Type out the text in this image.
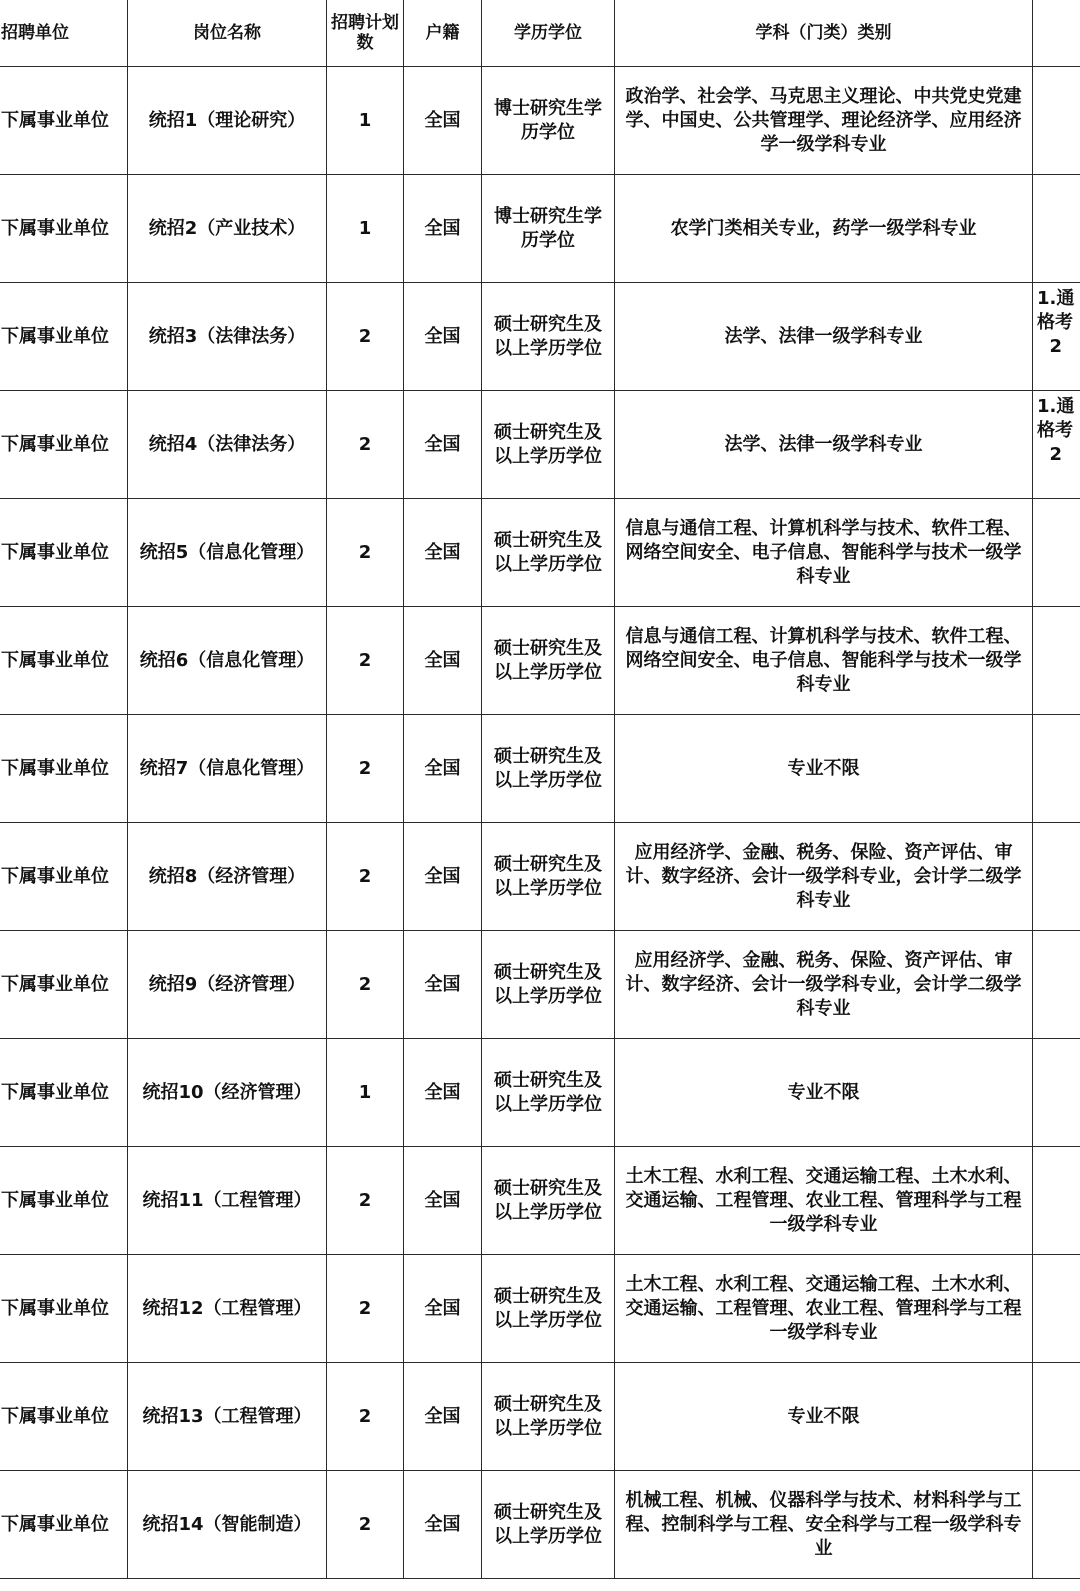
招聘单位	岗位名称	招聘计划数	户籍	学历学位	学科（门类）类别	
下属事业单位	统招1（理论研究）	1	全国	博士研究生学历学位	政治学、社会学、马克思主义理论、中共党史党建学、中国史、公共管理学、理论经济学、应用经济学一级学科专业	

下属事业单位	统招2（产业技术）	1	全国	博士研究生学历学位	农学门类相关专业，药学一级学科专业	

下属事业单位	统招3（法律法务）	2	全国	硕士研究生及以上学历学位	法学、法律一级学科专业	1.通
格考
2

下属事业单位	统招4（法律法务）	2	全国	硕士研究生及以上学历学位	法学、法律一级学科专业	1.通
格考
2

下属事业单位	统招5（信息化管理）	2	全国	硕士研究生及以上学历学位	信息与通信工程、计算机科学与技术、软件工程、网络空间安全、电子信息、智能科学与技术一级学科专业	

下属事业单位	统招6（信息化管理）	2	全国	硕士研究生及以上学历学位	信息与通信工程、计算机科学与技术、软件工程、网络空间安全、电子信息、智能科学与技术一级学科专业	

下属事业单位	统招7（信息化管理）	2	全国	硕士研究生及以上学历学位	专业不限	

下属事业单位	统招8（经济管理）	2	全国	硕士研究生及以上学历学位	应用经济学、金融、税务、保险、资产评估、审计、数字经济、会计一级学科专业，会计学二级学科专业	

下属事业单位	统招9（经济管理）	2	全国	硕士研究生及以上学历学位	应用经济学、金融、税务、保险、资产评估、审计、数字经济、会计一级学科专业，会计学二级学科专业	

下属事业单位	统招10（经济管理）	1	全国	硕士研究生及以上学历学位	专业不限	

下属事业单位	统招11（工程管理）	2	全国	硕士研究生及以上学历学位	土木工程、水利工程、交通运输工程、土木水利、交通运输、工程管理、农业工程、管理科学与工程一级学科专业	

下属事业单位	统招12（工程管理）	2	全国	硕士研究生及以上学历学位	土木工程、水利工程、交通运输工程、土木水利、交通运输、工程管理、农业工程、管理科学与工程一级学科专业	

下属事业单位	统招13（工程管理）	2	全国	硕士研究生及以上学历学位	专业不限	

下属事业单位	统招14（智能制造）	2	全国	硕士研究生及以上学历学位	机械工程、机械、仪器科学与技术、材料科学与工程、控制科学与工程、安全科学与工程一级学科专业	
